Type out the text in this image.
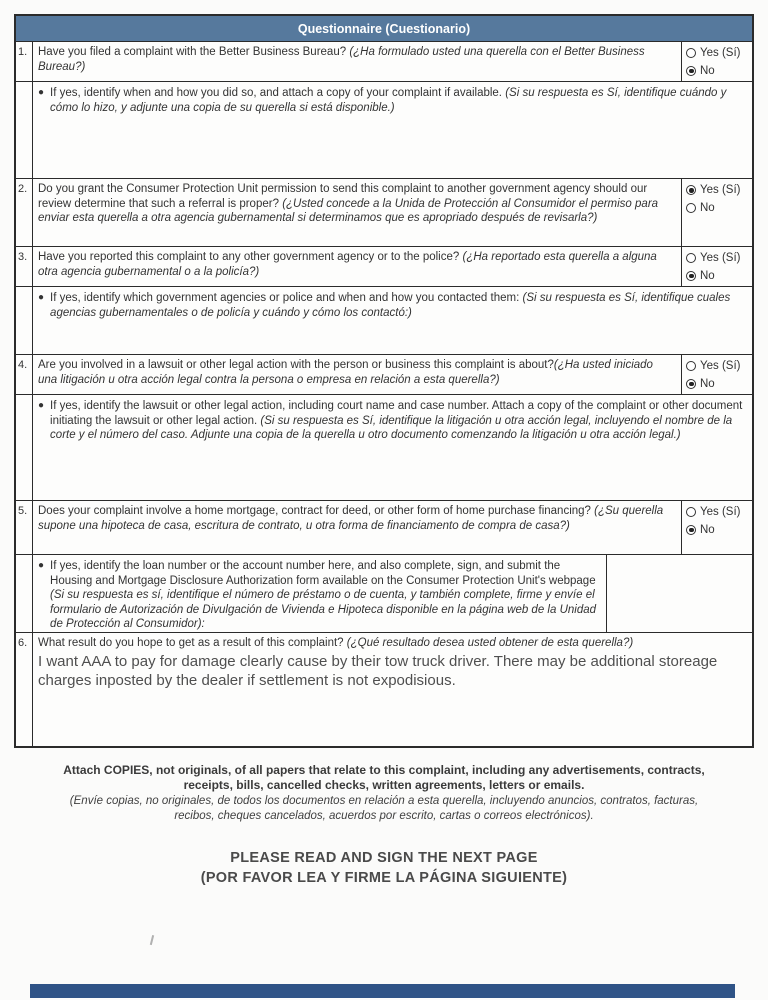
Questionnaire (Cuestionario)
1. Have you filed a complaint with the Better Business Bureau? (¿Ha formulado usted una querella con el Better Business Bureau?)
Yes (Sí)
No
● If yes, identify when and how you did so, and attach a copy of your complaint if available. (Si su respuesta es Sí, identifique cuándo y cómo lo hizo, y adjunte una copia de su querella si está disponible.)
2. Do you grant the Consumer Protection Unit permission to send this complaint to another government agency should our review determine that such a referral is proper? (¿Usted concede a la Unida de Protección al Consumidor el permiso para enviar esta querella a otra agencia gubernamental si determinamos que es apropriado después de revisarla?)
Yes (Sí)
No
3. Have you reported this complaint to any other government agency or to the police? (¿Ha reportado esta querella a alguna otra agencia gubernamental o a la policía?)
Yes (Sí)
No
● If yes, identify which government agencies or police and when and how you contacted them: (Si su respuesta es Sí, identifique cuales agencias gubernamentales o de policía y cuándo y cómo los contactó:)
4. Are you involved in a lawsuit or other legal action with the person or business this complaint is about?(¿Ha usted iniciado una litigación u otra acción legal contra la persona o empresa en relación a esta querella?)
Yes (Sí)
No
● If yes, identify the lawsuit or other legal action, including court name and case number. Attach a copy of the complaint or other document initiating the lawsuit or other legal action. (Si su respuesta es Sí, identifique la litigación u otra acción legal, incluyendo el nombre de la corte y el número del caso. Adjunte una copia de la querella u otro documento comenzando la litigación u otra acción legal.)
5. Does your complaint involve a home mortgage, contract for deed, or other form of home purchase financing? (¿Su querella supone una hipoteca de casa, escritura de contrato, u otra forma de financiamento de compra de casa?)
Yes (Sí)
No
● If yes, identify the loan number or the account number here, and also complete, sign, and submit the Housing and Mortgage Disclosure Authorization form available on the Consumer Protection Unit's webpage (Si su respuesta es sí, identifique el número de préstamo o de cuenta, y también complete, firme y envíe el formulario de Autorización de Divulgación de Vivienda e Hipoteca disponible en la página web de la Unidad de Protección al Consumidor):
6. What result do you hope to get as a result of this complaint? (¿Qué resultado desea usted obtener de esta querella?)
I want AAA to pay for damage clearly cause by their tow truck driver. There may be additional storeage charges inposted by the dealer if settlement is not expodisious.
Attach COPIES, not originals, of all papers that relate to this complaint, including any advertisements, contracts, receipts, bills, cancelled checks, written agreements, letters or emails.
(Envíe copias, no originales, de todos los documentos en relación a esta querella, incluyendo anuncios, contratos, facturas, recibos, cheques cancelados, acuerdos por escrito, cartas o correos electrónicos).
PLEASE READ AND SIGN THE NEXT PAGE
(POR FAVOR LEA Y FIRME LA PÁGINA SIGUIENTE)
